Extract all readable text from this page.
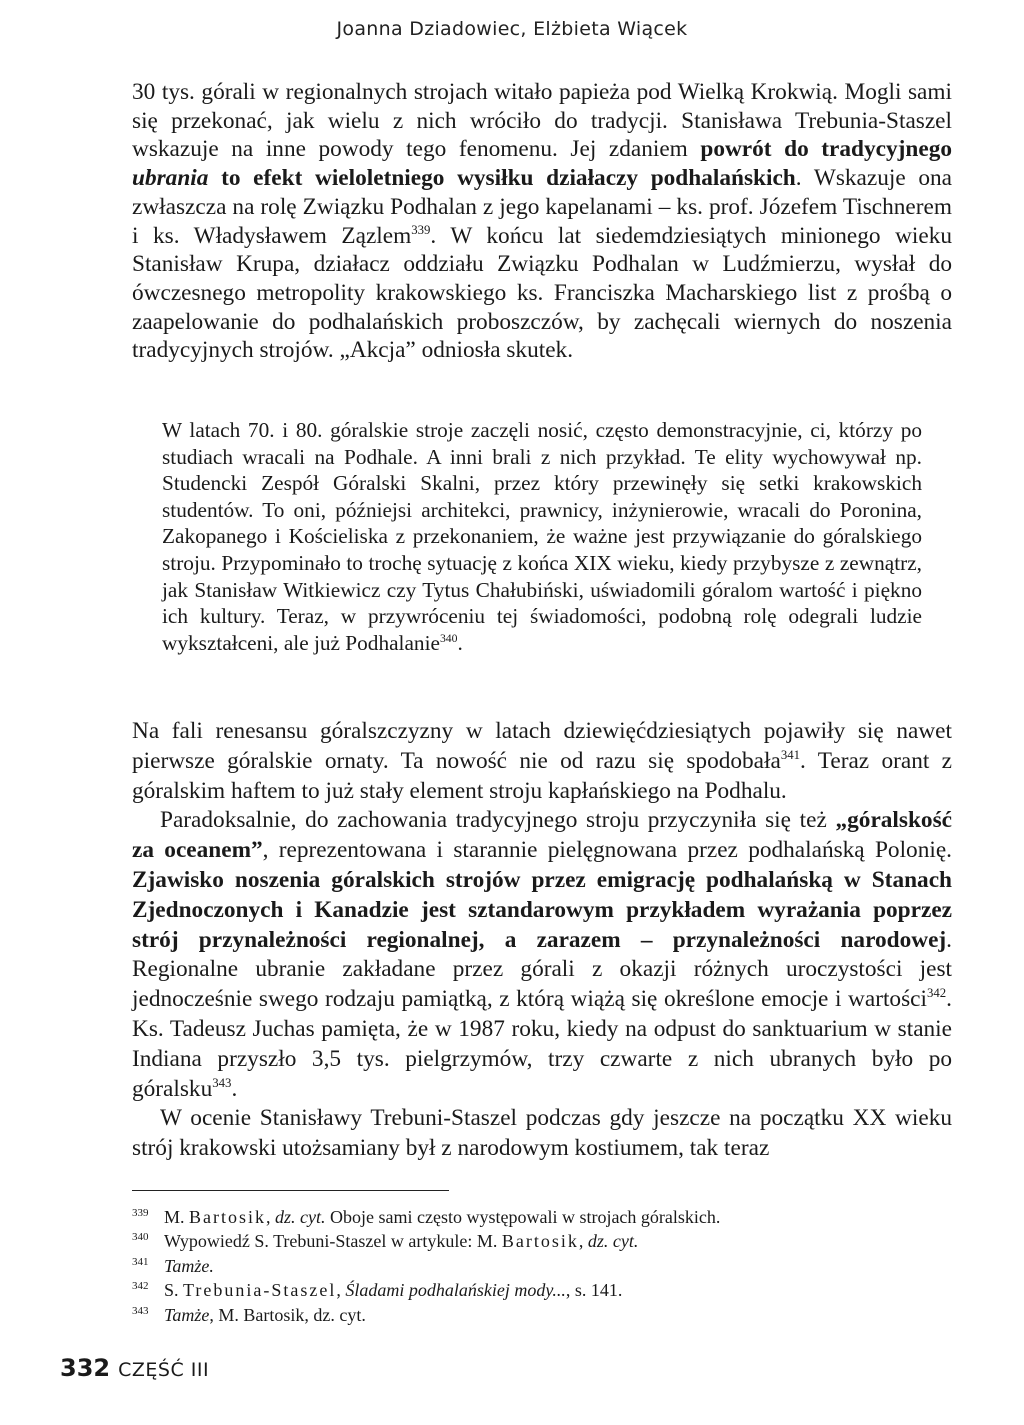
Joanna Dziadowiec, Elżbieta Wiącek

30 tys. górali w regionalnych strojach witało papieża pod Wielką Krokwią. Mogli sami się przekonać, jak wielu z nich wróciło do tradycji. Stanisława Trebunia-Staszel wskazuje na inne powody tego fenomenu. Jej zdaniem powrót do tradycyjnego ubrania to efekt wieloletniego wysiłku działaczy podhalańskich. Wskazuje ona zwłaszcza na rolę Związku Podhalan z jego kapelanami – ks. prof. Józefem Tischnerem i ks. Władysławem Zązlem$^{339}$. W końcu lat siedemdziesiątych minionego wieku Stanisław Krupa, działacz oddziału Związku Podhalan w Ludźmierzu, wysłał do ówczesnego metropolity krakowskiego ks. Franciszka Macharskiego list z prośbą o zaapelowanie do podhalańskich proboszczów, by zachęcali wiernych do noszenia tradycyjnych strojów. „Akcja” odniosła skutek.

W latach 70. i 80. góralskie stroje zaczęli nosić, często demonstracyjnie, ci, którzy po studiach wracali na Podhale. A inni brali z nich przykład. Te elity wychowywał np. Studencki Zespół Góralski Skalni, przez który przewinęły się setki krakowskich studentów. To oni, późniejsi architekci, prawnicy, inżynierowie, wracali do Poronina, Zakopanego i Kościeliska z przekonaniem, że ważne jest przywiązanie do góralskiego stroju. Przypominało to trochę sytuację z końca XIX wieku, kiedy przybysze z zewnątrz, jak Stanisław Witkiewicz czy Tytus Chałubiński, uświadomili góralom wartość i piękno ich kultury. Teraz, w przywróceniu tej świadomości, podobną rolę odegrali ludzie wykształceni, ale już Podhalanie$^{340}$.

Na fali renesansu góralszczyzny w latach dziewięćdziesiątych pojawiły się nawet pierwsze góralskie ornaty. Ta nowość nie od razu się spodobała$^{341}$. Teraz orant z góralskim haftem to już stały element stroju kapłańskiego na Podhalu.

Paradoksalnie, do zachowania tradycyjnego stroju przyczyniła się też „góralskość za oceanem”, reprezentowana i starannie pielęgnowana przez podhalańską Polonię. Zjawisko noszenia góralskich strojów przez emigrację podhalańską w Stanach Zjednoczonych i Kanadzie jest sztandarowym przykładem wyrażania poprzez strój przynależności regionalnej, a zarazem – przynależności narodowej. Regionalne ubranie zakładane przez górali z okazji różnych uroczystości jest jednocześnie swego rodzaju pamiątką, z którą wiążą się określone emocje i wartości$^{342}$. Ks. Tadeusz Juchas pamięta, że w 1987 roku, kiedy na odpust do sanktuarium w stanie Indiana przyszło 3,5 tys. pielgrzymów, trzy czwarte z nich ubranych było po góralsku$^{343}$.

W ocenie Stanisławy Trebuni-Staszel podczas gdy jeszcze na początku XX wieku strój krakowski utożsamiany był z narodowym kostiumem, tak teraz

339 M. Bartosik, dz. cyt. Oboje sami często występowali w strojach góralskich.
340 Wypowiedź S. Trebuni-Staszel w artykule: M. Bartosik, dz. cyt.
341 Tamże.
342 S. Trebunia-Staszel, Śladami podhalańskiej mody..., s. 141.
343 Tamże, M. Bartosik, dz. cyt.
332 CZĘŚĆ III
